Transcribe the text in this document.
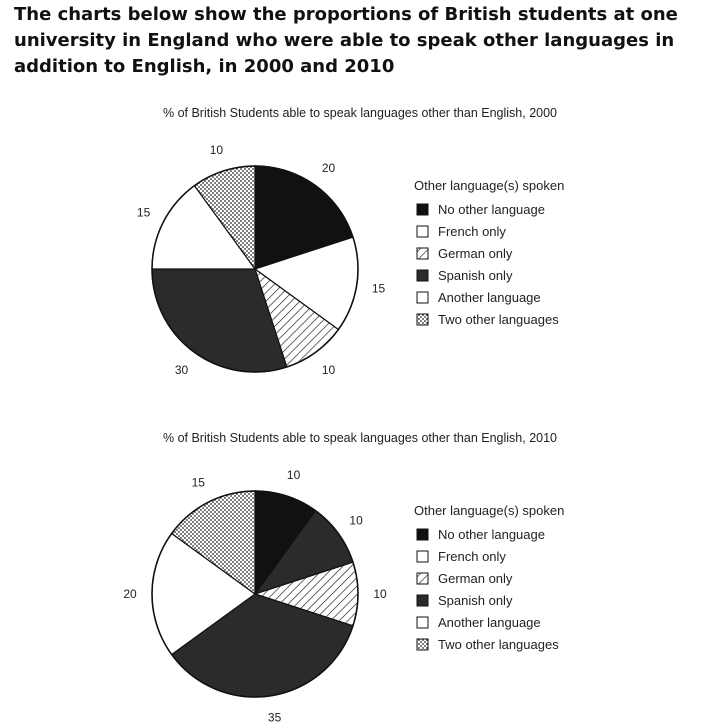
The charts below show the proportions of British students at one university in England who were able to speak other languages in addition to English, in 2000 and 2010
% of British Students able to speak languages other than English, 2000
20
15
10
30
15
10
Other language(s) spoken
No other language
French only
German only
Spanish only
Another language
Two other languages
% of British Students able to speak languages other than English, 2010
10
10
10
35
20
15
Other language(s) spoken
No other language
French only
German only
Spanish only
Another language
Two other languages
